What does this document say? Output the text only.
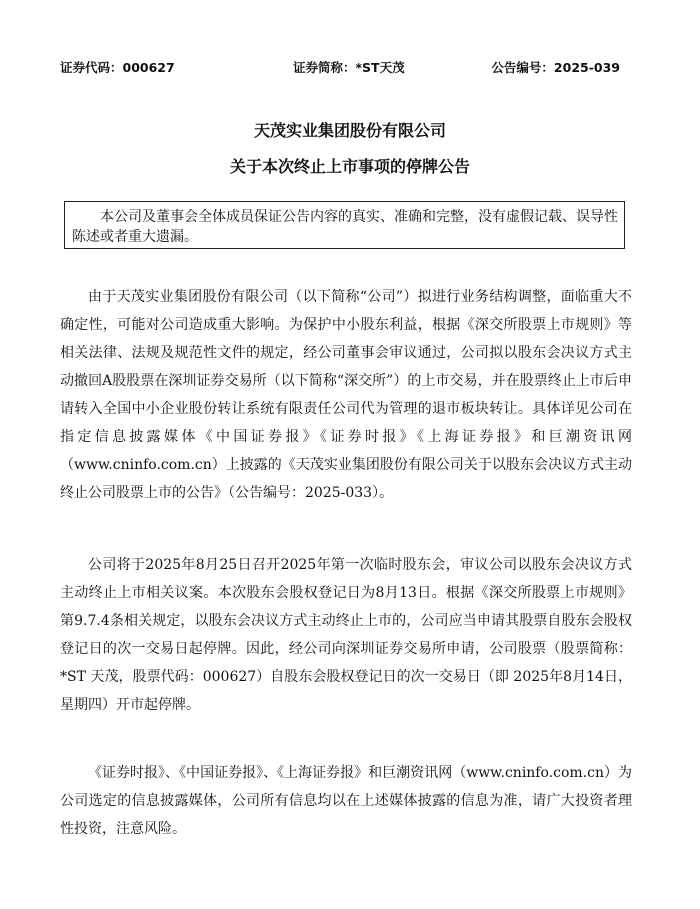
证券代码：000627	证券简称：*ST天茂	公告编号：2025-039
天茂实业集团股份有限公司
关于本次终止上市事项的停牌公告

本公司及董事会全体成员保证公告内容的真实、准确和完整，没有虚假记载、误导性陈述或者重大遗漏。

由于天茂实业集团股份有限公司（以下简称“公司”）拟进行业务结构调整，面临重大不确定性，可能对公司造成重大影响。为保护中小股东利益，根据《深交所股票上市规则》等相关法律、法规及规范性文件的规定，经公司董事会审议通过，公司拟以股东会决议方式主动撤回A股股票在深圳证券交易所（以下简称“深交所”）的上市交易，并在股票终止上市后申请转入全国中小企业股份转让系统有限责任公司代为管理的退市板块转让。具体详见公司在指定信息披露媒体《中国证券报》《证券时报》《上海证券报》和巨潮资讯网（www.cninfo.com.cn）上披露的《天茂实业集团股份有限公司关于以股东会决议方式主动终止公司股票上市的公告》（公告编号：2025-033）。

公司将于2025年8月25日召开2025年第一次临时股东会，审议公司以股东会决议方式主动终止上市相关议案。本次股东会股权登记日为8月13日。根据《深交所股票上市规则》第9.7.4条相关规定，以股东会决议方式主动终止上市的，公司应当申请其股票自股东会股权登记日的次一交易日起停牌。因此，经公司向深圳证券交易所申请，公司股票（股票简称：*ST 天茂，股票代码：000627）自股东会股权登记日的次一交易日（即 2025年8月14日，星期四）开市起停牌。

《证券时报》、《中国证券报》、《上海证券报》和巨潮资讯网（www.cninfo.com.cn）为公司选定的信息披露媒体，公司所有信息均以在上述媒体披露的信息为准，请广大投资者理性投资，注意风险。
